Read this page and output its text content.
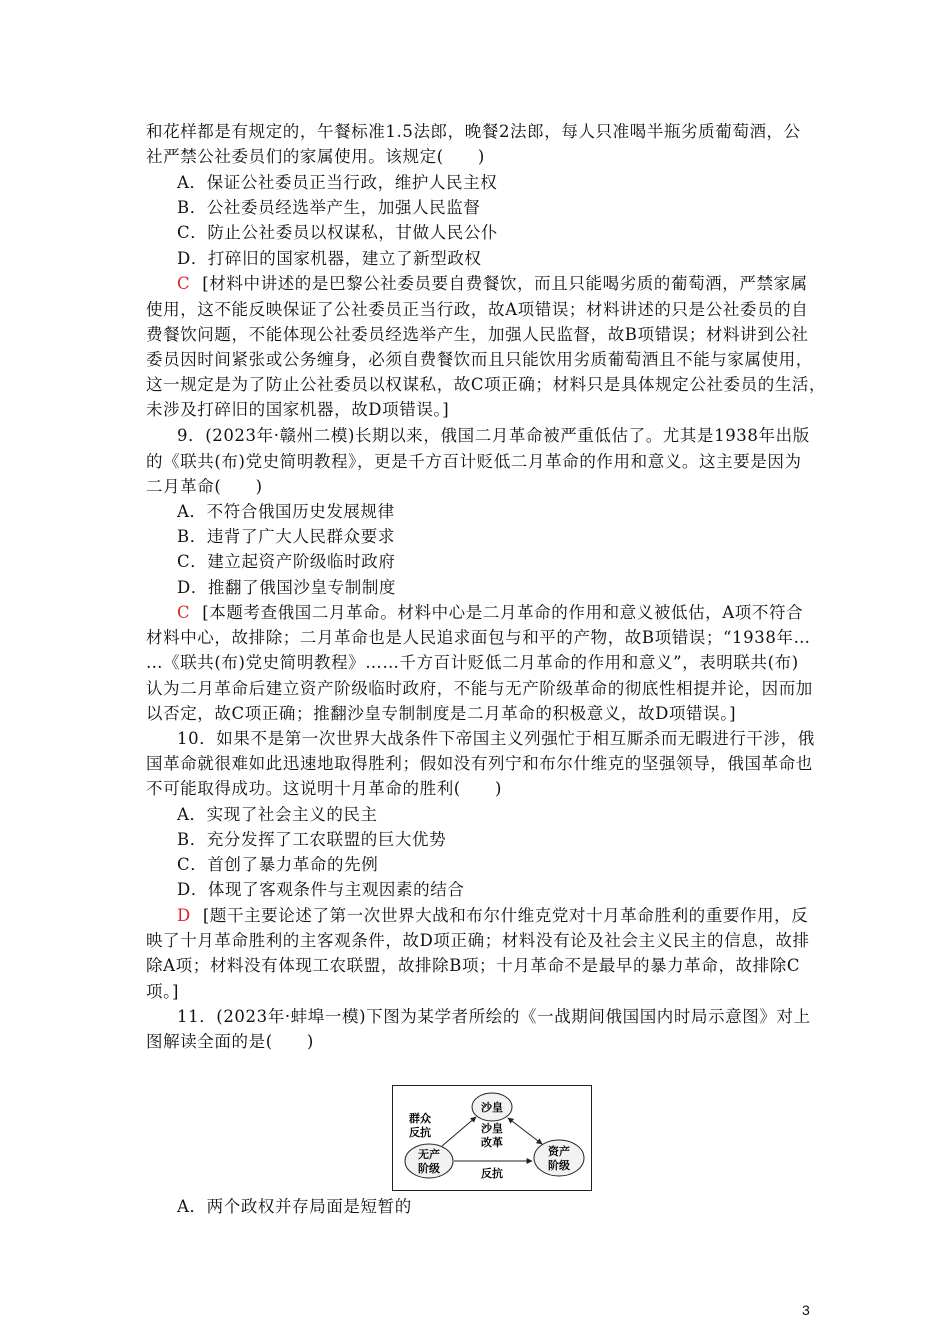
和花样都是有规定的，午餐标准1.5法郎，晚餐2法郎，每人只准喝半瓶劣质葡萄酒，公
社严禁公社委员们的家属使用。该规定(　　)
A．保证公社委员正当行政，维护人民主权
B．公社委员经选举产生，加强人民监督
C．防止公社委员以权谋私，甘做人民公仆
D．打碎旧的国家机器，建立了新型政权
C [材料中讲述的是巴黎公社委员要自费餐饮，而且只能喝劣质的葡萄酒，严禁家属
使用，这不能反映保证了公社委员正当行政，故A项错误；材料讲述的只是公社委员的自
费餐饮问题，不能体现公社委员经选举产生，加强人民监督，故B项错误；材料讲到公社
委员因时间紧张或公务缠身，必须自费餐饮而且只能饮用劣质葡萄酒且不能与家属使用，
这一规定是为了防止公社委员以权谋私，故C项正确；材料只是具体规定公社委员的生活，
未涉及打碎旧的国家机器，故D项错误。]
9．(2023年·赣州二模)长期以来，俄国二月革命被严重低估了。尤其是1938年出版
的《联共(布)党史简明教程》，更是千方百计贬低二月革命的作用和意义。这主要是因为
二月革命(　　)
A．不符合俄国历史发展规律
B．违背了广大人民群众要求
C．建立起资产阶级临时政府
D．推翻了俄国沙皇专制制度
C [本题考查俄国二月革命。材料中心是二月革命的作用和意义被低估，A项不符合
材料中心，故排除；二月革命也是人民追求面包与和平的产物，故B项错误；“1938年…
…《联共(布)党史简明教程》……千方百计贬低二月革命的作用和意义”，表明联共(布)
认为二月革命后建立资产阶级临时政府，不能与无产阶级革命的彻底性相提并论，因而加
以否定，故C项正确；推翻沙皇专制制度是二月革命的积极意义，故D项错误。]
10．如果不是第一次世界大战条件下帝国主义列强忙于相互厮杀而无暇进行干涉，俄
国革命就很难如此迅速地取得胜利；假如没有列宁和布尔什维克的坚强领导，俄国革命也
不可能取得成功。这说明十月革命的胜利(　　)
A．实现了社会主义的民主
B．充分发挥了工农联盟的巨大优势
C．首创了暴力革命的先例
D．体现了客观条件与主观因素的结合
D [题干主要论述了第一次世界大战和布尔什维克党对十月革命胜利的重要作用，反
映了十月革命胜利的主客观条件，故D项正确；材料没有论及社会主义民主的信息，故排
除A项；材料没有体现工农联盟，故排除B项；十月革命不是最早的暴力革命，故排除C
项。]
11．(2023年·蚌埠一模)下图为某学者所绘的《一战期间俄国国内时局示意图》对上
图解读全面的是(　　)
沙皇
无产
阶级
资产
阶级
群众
反抗	沙皇
改革
反抗
A．两个政权并存局面是短暂的
3
